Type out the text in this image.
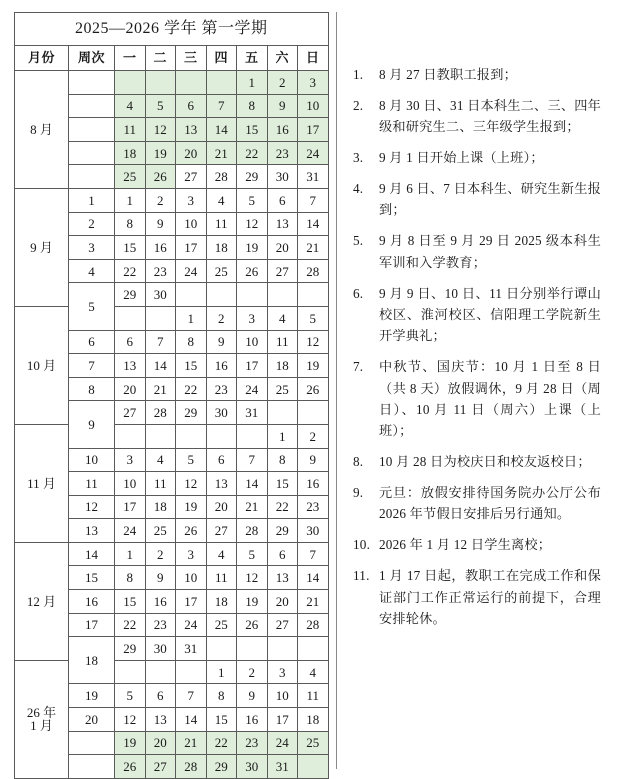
2025—2026 学年 第一学期								
月份	周次	一	二	三	四	五	六	日
8 月						1	2	3
		4	5	6	7	8	9	10
		11	12	13	14	15	16	17
		18	19	20	21	22	23	24
		25	26	27	28	29	30	31
9 月	1	1	2	3	4	5	6	7
	2	8	9	10	11	12	13	14
	3	15	16	17	18	19	20	21
	4	22	23	24	25	26	27	28
	5	29	30					
10 月				1	2	3	4	5
	6	6	7	8	9	10	11	12
	7	13	14	15	16	17	18	19
	8	20	21	22	23	24	25	26
	9	27	28	29	30	31		
11 月							1	2
	10	3	4	5	6	7	8	9
	11	10	11	12	13	14	15	16
	12	17	18	19	20	21	22	23
	13	24	25	26	27	28	29	30
12 月	14	1	2	3	4	5	6	7
	15	8	9	10	11	12	13	14
	16	15	16	17	18	19	20	21
	17	22	23	24	25	26	27	28
	18	29	30	31				
26 年
1 月					1	2	3	4
	19	5	6	7	8	9	10	11
	20	12	13	14	15	16	17	18
		19	20	21	22	23	24	25
		26	27	28	29	30	31	
1.	8 月 27 日教职工报到；
2.	8 月 30 日、31 日本科生二、三、四年级和研究生二、三年级学生报到；
3.	9 月 1 日开始上课（上班）；
4.	9 月 6 日、7 日本科生、研究生新生报到；
5.	9 月 8 日至 9 月 29 日 2025 级本科生军训和入学教育；
6.	9 月 9 日、10 日、11 日分别举行谭山校区、淮河校区、信阳理工学院新生开学典礼；
7.	中秋节、国庆节：10 月 1 日至 8 日（共 8 天）放假调休，9 月 28 日（周日）、10 月 11 日（周六）上课（上班）；
8.	10 月 28 日为校庆日和校友返校日；
9.	元旦：放假安排待国务院办公厅公布 2026 年节假日安排后另行通知。
10. 2026 年 1 月 12 日学生离校；
11. 1 月 17 日起，教职工在完成工作和保证部门工作正常运行的前提下，合理安排轮休。
